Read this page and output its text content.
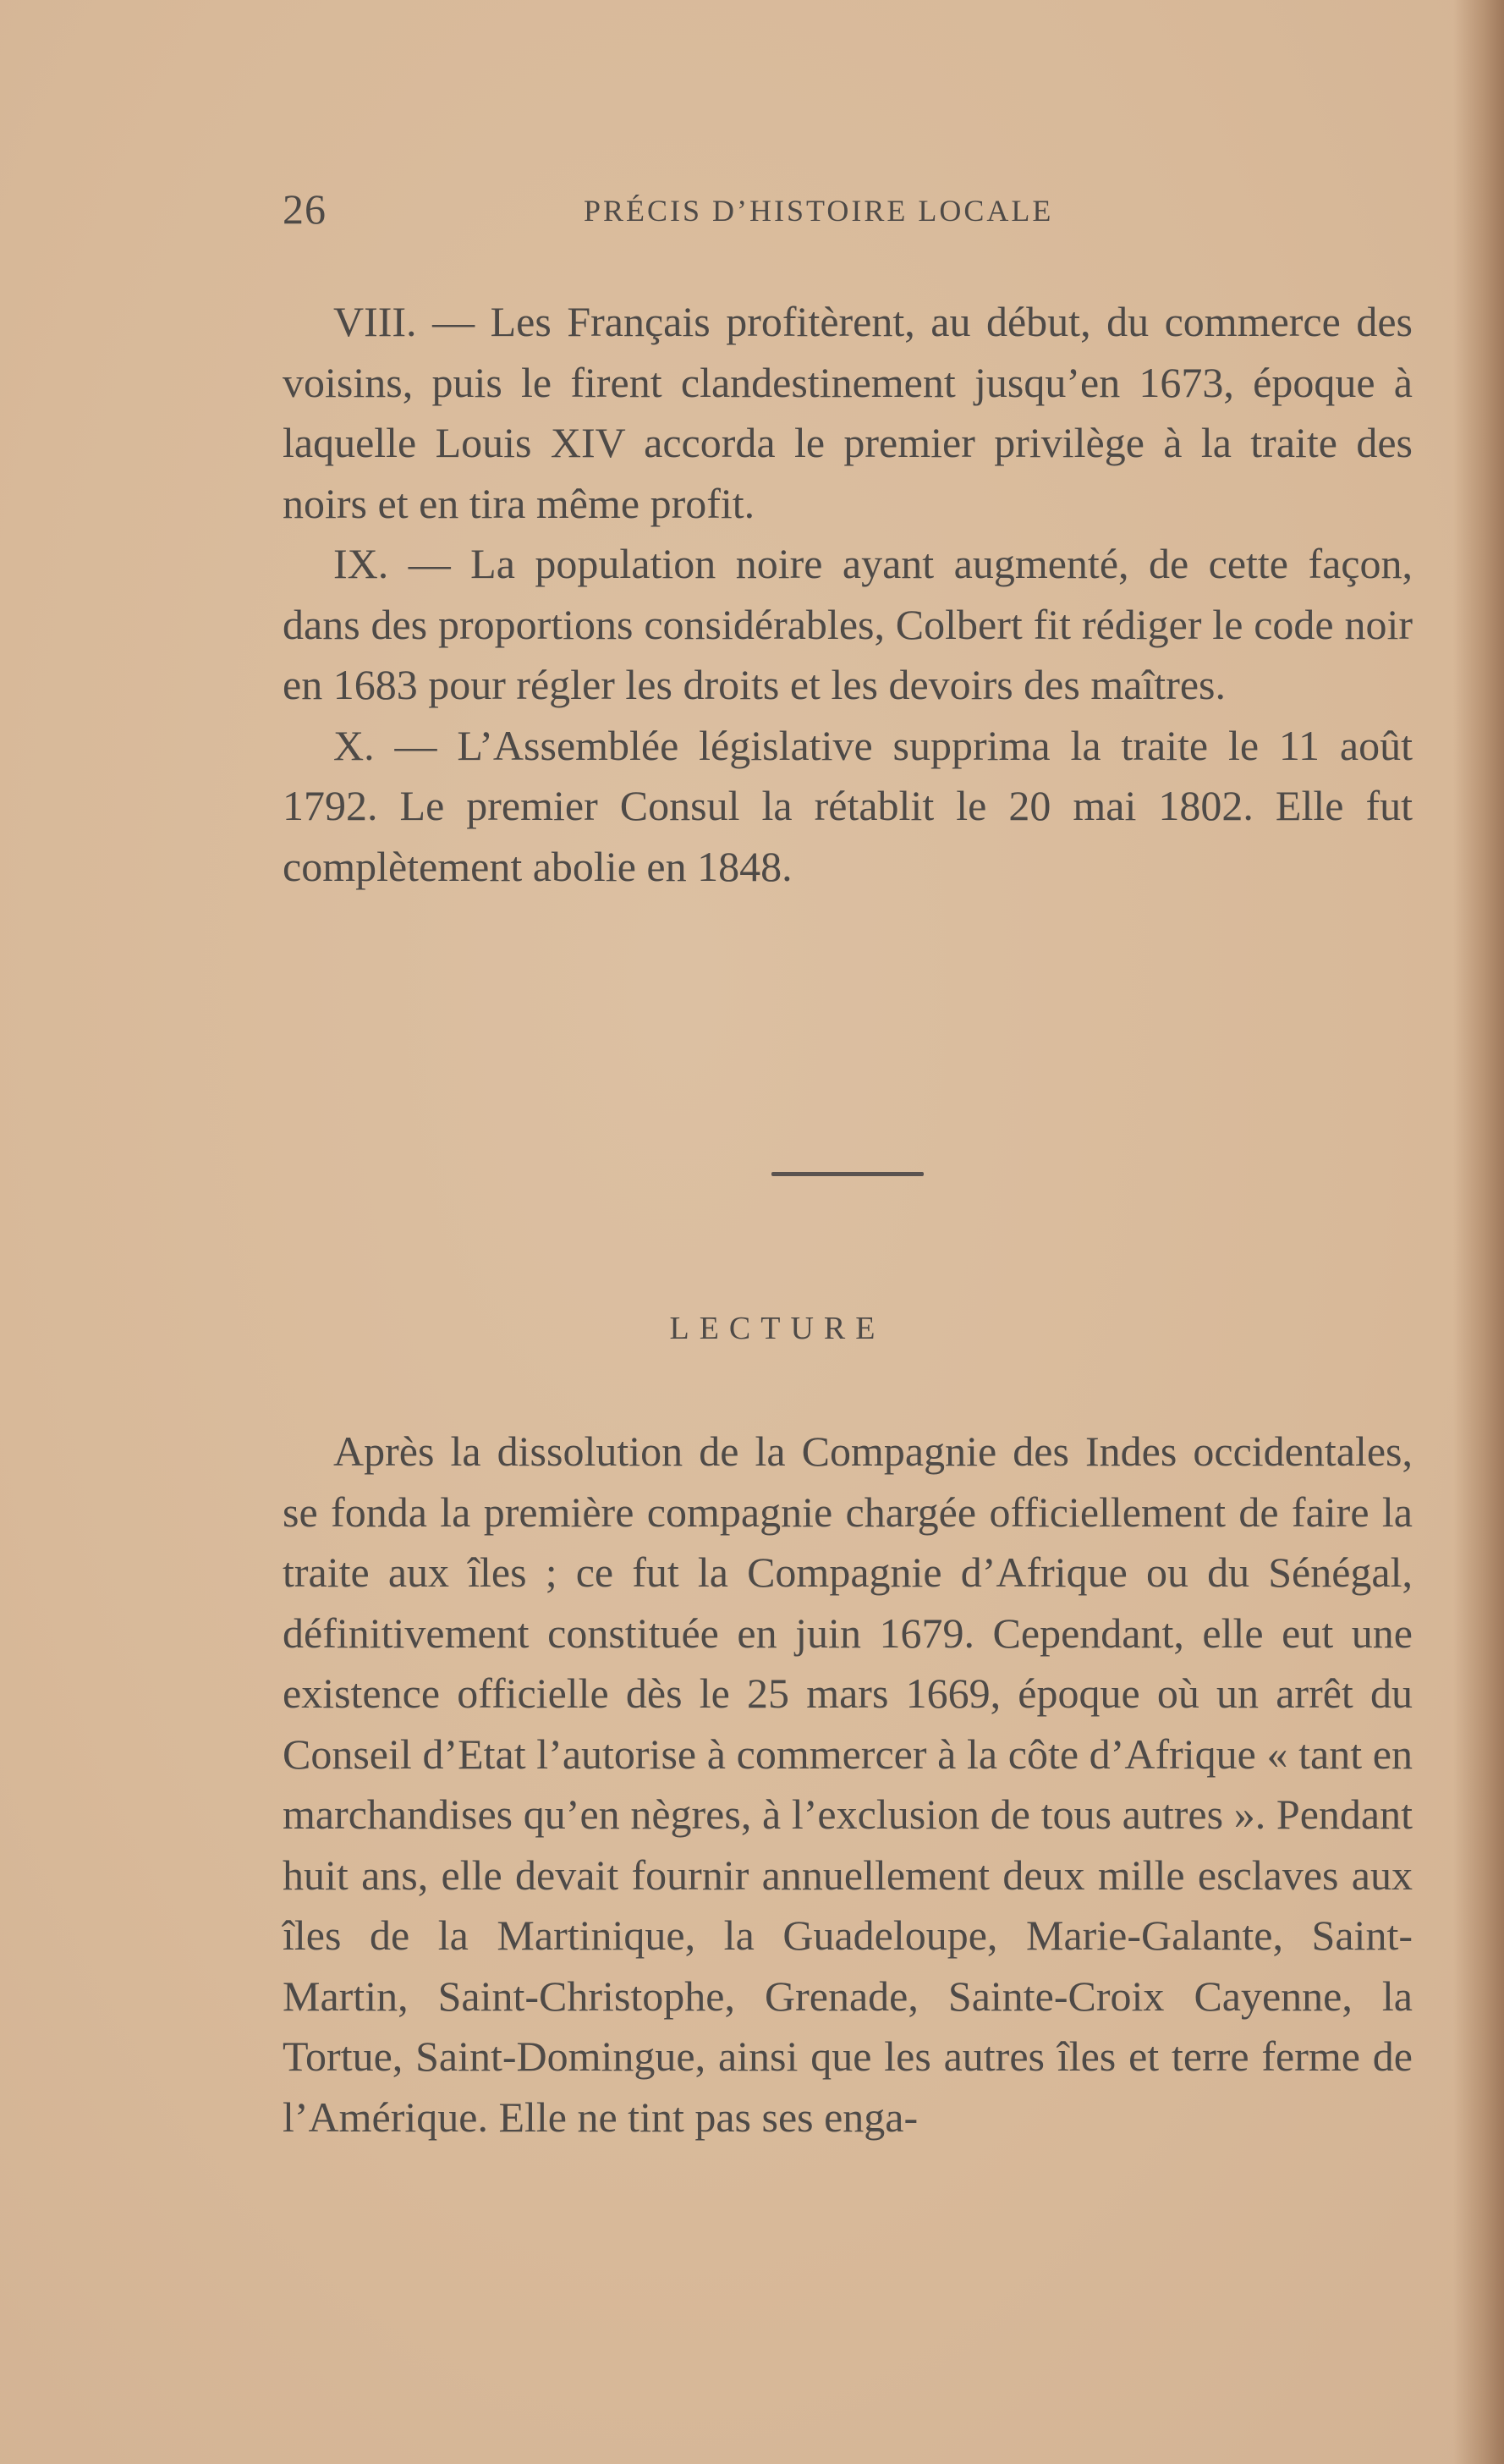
26	PRÉCIS D’HISTOIRE LOCALE

VIII. — Les Français profitèrent, au début, du commerce des voisins, puis le firent clandestinement jusqu’en 1673, époque à laquelle Louis XIV accorda le premier privilège à la traite des noirs et en tira même profit.

IX. — La population noire ayant augmenté, de cette façon, dans des proportions considérables, Colbert fit rédiger le code noir en 1683 pour régler les droits et les devoirs des maîtres.

X. — L’Assemblée législative supprima la traite le 11 août 1792. Le premier Consul la rétablit le 20 mai 1802. Elle fut complètement abolie en 1848.

LECTURE

Après la dissolution de la Compagnie des Indes occidentales, se fonda la première compagnie chargée officiellement de faire la traite aux îles ; ce fut la Compagnie d’Afrique ou du Sénégal, définitivement constituée en juin 1679. Cependant, elle eut une existence officielle dès le 25 mars 1669, époque où un arrêt du Conseil d’Etat l’autorise à commercer à la côte d’Afrique « tant en marchandises qu’en nègres, à l’exclusion de tous autres ». Pendant huit ans, elle devait fournir annuellement deux mille esclaves aux îles de la Martinique, la Guadeloupe, Marie-Galante, Saint-Martin, Saint-Christophe, Grenade, Sainte-Croix Cayenne, la Tortue, Saint-Domingue, ainsi que les autres îles et terre ferme de l’Amérique. Elle ne tint pas ses enga-
